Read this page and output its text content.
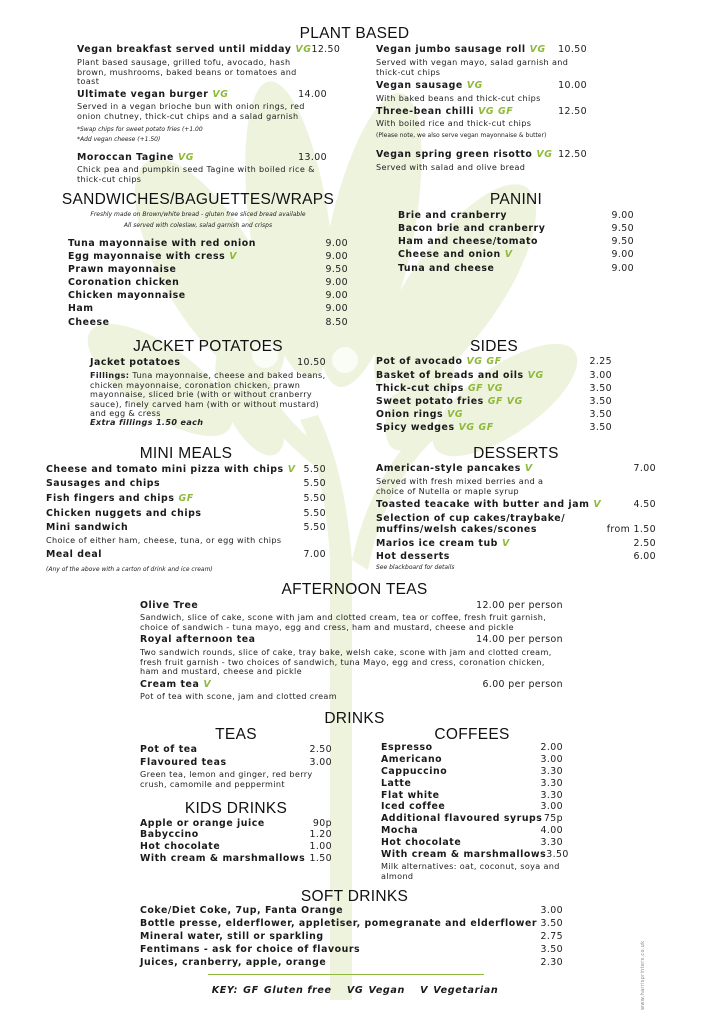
PLANT BASED
Vegan breakfast served until midday VG 12.50
Plant based sausage, grilled tofu, avocado, hash brown, mushrooms, baked beans or tomatoes and toast
Ultimate vegan burger VG	14.00
Served in a vegan brioche bun with onion rings, red onion chutney, thick-cut chips and a salad garnish
*Swap chips for sweet potato fries (+1.00
*Add vegan cheese (+1.50)
Moroccan Tagine VG	13.00
Chick pea and pumpkin seed Tagine with boiled rice & thick-cut chips
Vegan jumbo sausage roll VG 10.50
Served with vegan mayo, salad garnish and thick-cut chips
Vegan sausage VG	10.00
With baked beans and thick-cut chips
Three-bean chilli VG GF	12.50
With boiled rice and thick-cut chips
(Please note, we also serve vegan mayonnaise & butter)
Vegan spring green risotto VG 12.50
Served with salad and olive bread
SANDWICHES/BAGUETTES/WRAPS
Freshly made on Brown/white bread - gluten free sliced bread available
All served with coleslaw, salad garnish and crisps
Tuna mayonnaise with red onion	9.00
Egg mayonnaise with cress V	9.00
Prawn mayonnaise	9.50
Coronation chicken	9.00
Chicken mayonnaise	9.00
Ham	9.00
Cheese	8.50
PANINI
Brie and cranberry	9.00
Bacon brie and cranberry	9.50
Ham and cheese/tomato	9.50
Cheese and onion V	9.00
Tuna and cheese	9.00
JACKET POTATOES
Jacket potatoes	10.50
Fillings: Tuna mayonnaise, cheese and baked beans, chicken mayonnaise, coronation chicken, prawn mayonnaise, sliced brie (with or without cranberry sauce), finely carved ham (with or without mustard) and egg & cress
Extra fillings 1.50 each
SIDES
Pot of avocado VG GF	2.25
Basket of breads and oils VG	3.00
Thick-cut chips GF VG	3.50
Sweet potato fries GF VG	3.50
Onion rings VG	3.50
Spicy wedges VG GF	3.50
MINI MEALS
Cheese and tomato mini pizza with chips V 5.50
Sausages and chips	5.50
Fish fingers and chips GF	5.50
Chicken nuggets and chips	5.50
Mini sandwich	5.50
Choice of either ham, cheese, tuna, or egg with chips
Meal deal	7.00
(Any of the above with a carton of drink and ice cream)
DESSERTS
American-style pancakes V	7.00
Served with fresh mixed berries and a choice of Nutella or maple syrup
Toasted teacake with butter and jam V	4.50
Selection of cup cakes/traybake/
muffins/welsh cakes/scones	from 1.50
Marios ice cream tub V	2.50
Hot desserts	6.00
See blackboard for details
AFTERNOON TEAS
Olive Tree	12.00 per person
Sandwich, slice of cake, scone with jam and clotted cream, tea or coffee, fresh fruit garnish, choice of sandwich - tuna mayo, egg and cress, ham and mustard, cheese and pickle
Royal afternoon tea	14.00 per person
Two sandwich rounds, slice of cake, tray bake, welsh cake, scone with jam and clotted cream, fresh fruit garnish - two choices of sandwich, tuna Mayo, egg and cress, coronation chicken, ham and mustard, cheese and pickle
Cream tea V	6.00 per person
Pot of tea with scone, jam and clotted cream
DRINKS
TEAS
Pot of tea	2.50
Flavoured teas	3.00
Green tea, lemon and ginger, red berry crush, camomile and peppermint
KIDS DRINKS
Apple or orange juice	90p
Babyccino	1.20
Hot chocolate	1.00
With cream & marshmallows 1.50
COFFEES
Espresso	2.00
Americano	3.00
Cappuccino	3.30
Latte	3.30
Flat white	3.30
Iced coffee	3.00
Additional flavoured syrups 75p
Mocha	4.00
Hot chocolate	3.30
With cream & marshmallows 3.50
Milk alternatives: oat, coconut, soya and almond
SOFT DRINKS
Coke/Diet Coke, 7up, Fanta Orange	3.00
Bottle presse, elderflower, appletiser, pomegranate and elderflower 3.50
Mineral water, still or sparkling	2.75
Fentimans - ask for choice of flavours	3.50
Juices, cranberry, apple, orange	2.30
KEY: GF Gluten free VG Vegan V Vegetarian	www.harrisprinters.co.uk
